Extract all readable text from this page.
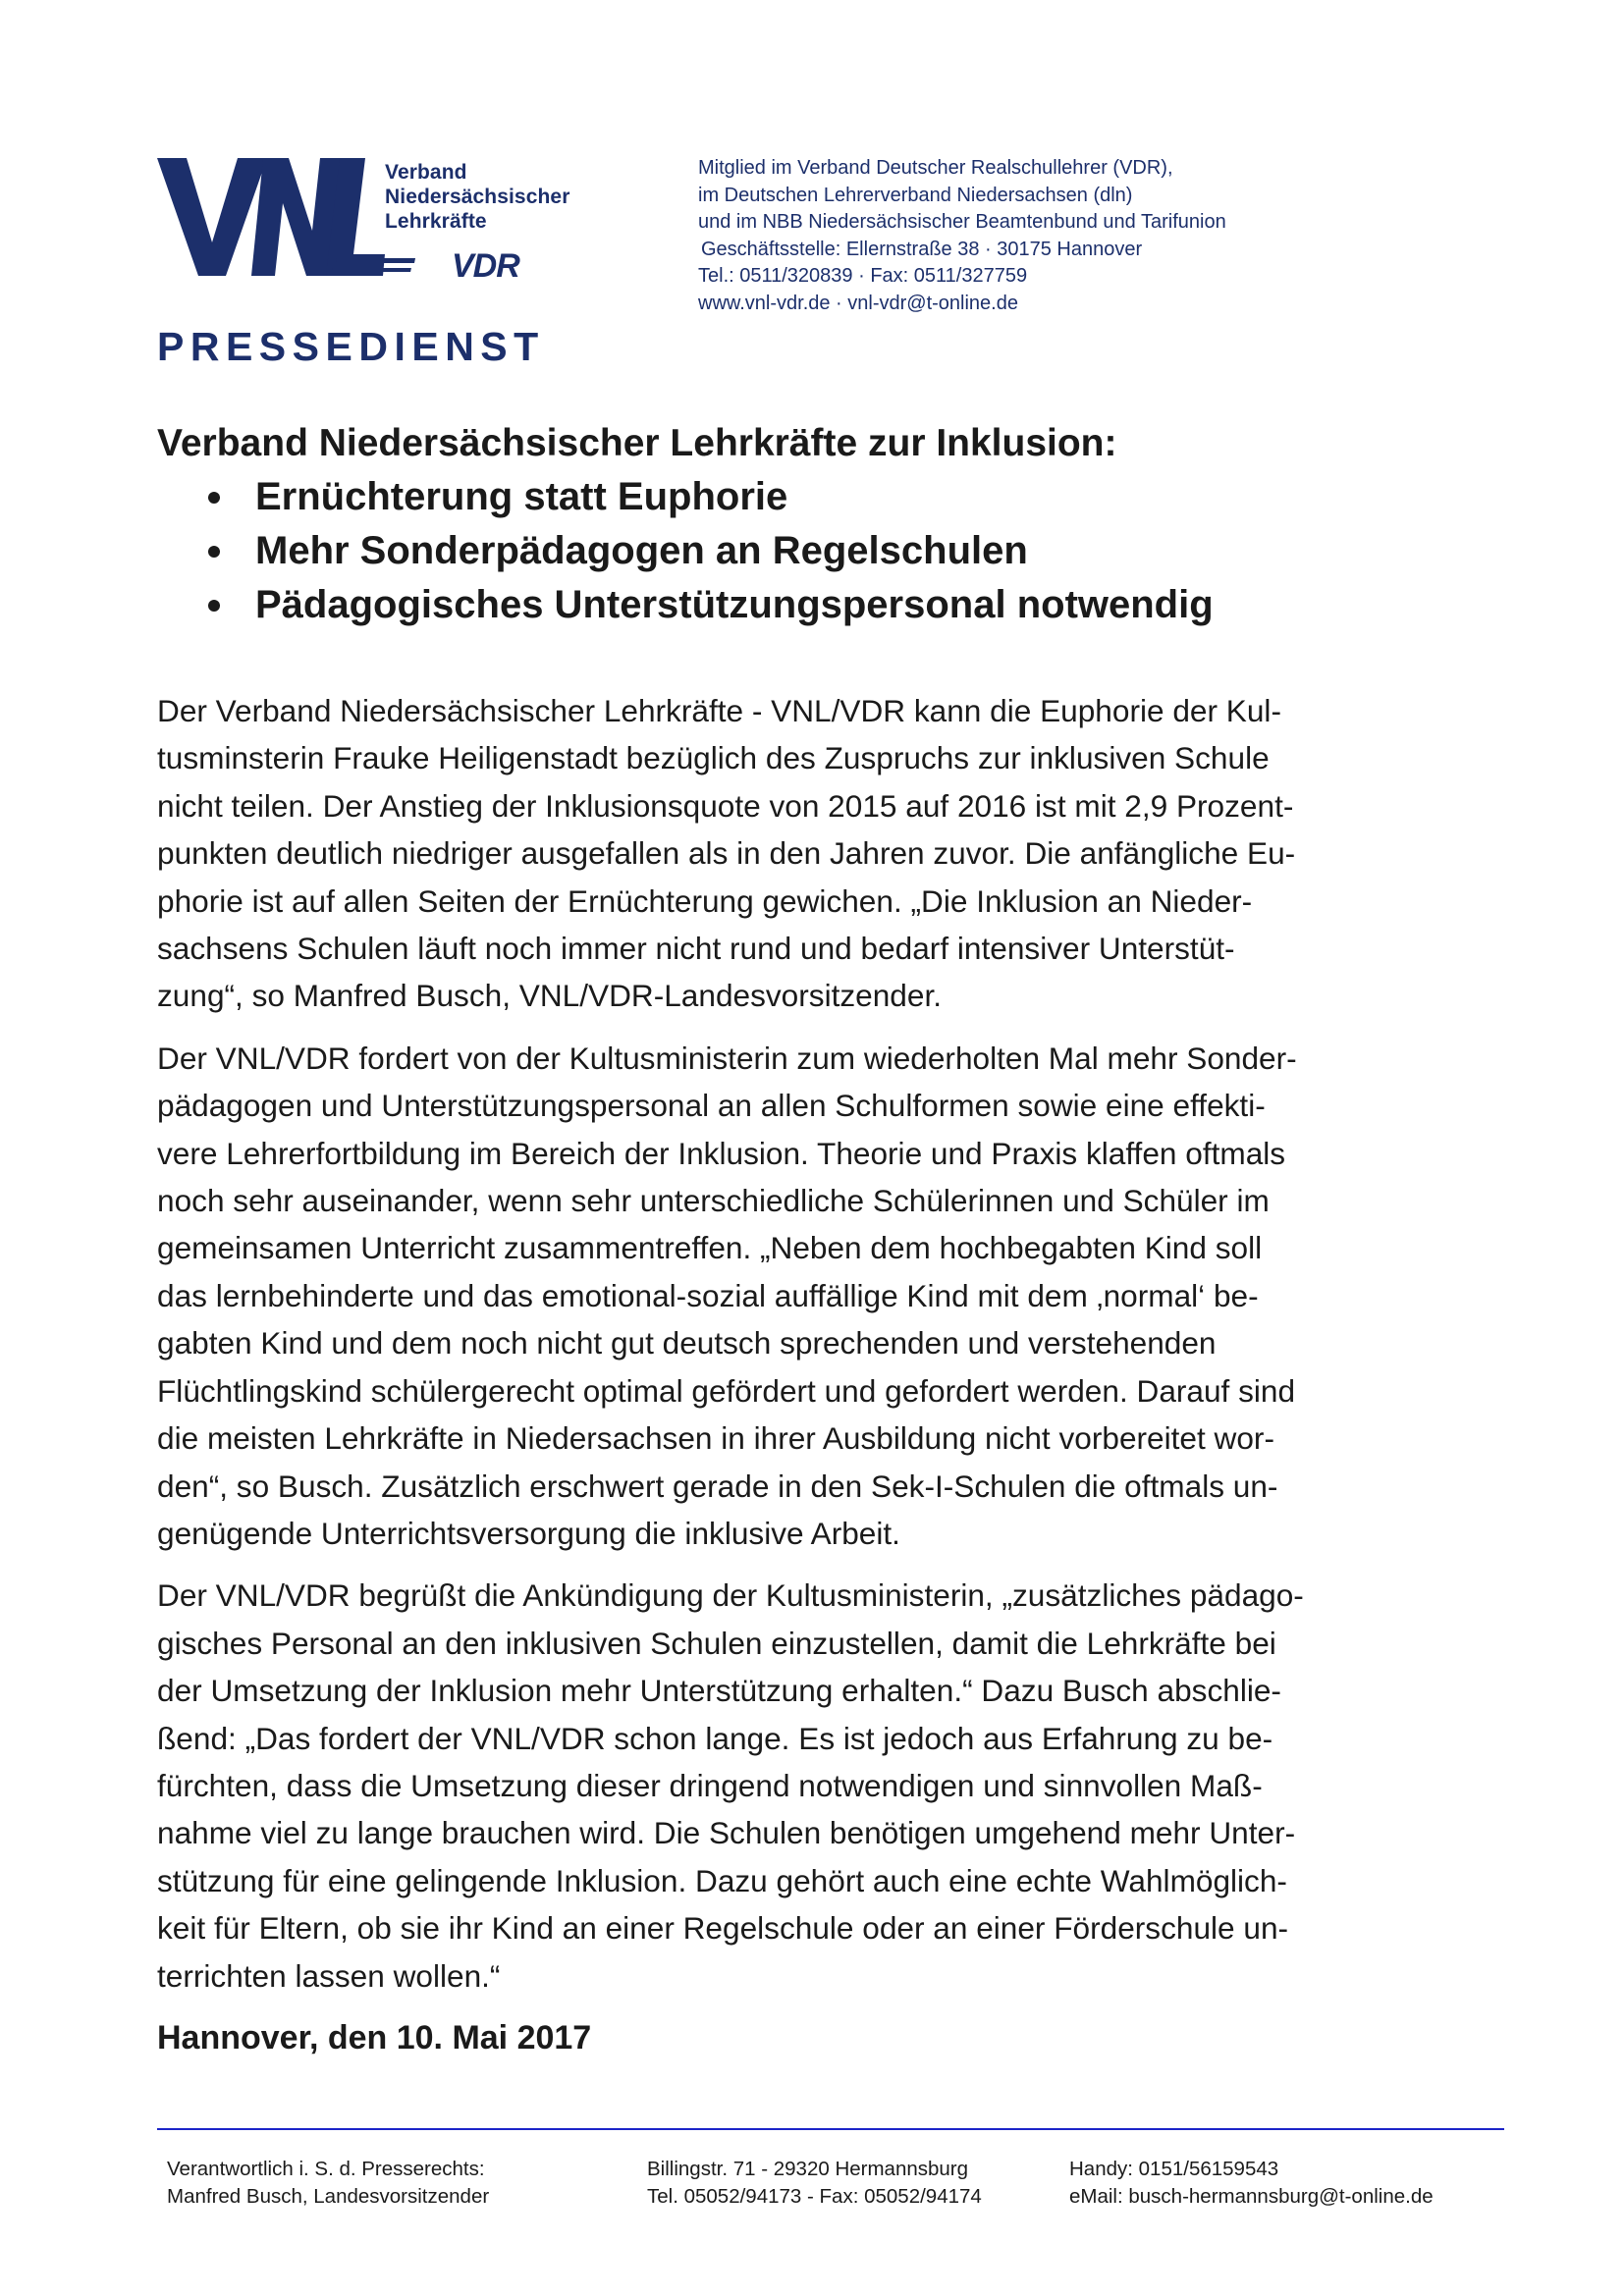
VDR
Verband
Niedersächsischer
Lehrkräfte
PRESSEDIENST
Mitglied im Verband Deutscher Realschullehrer (VDR),
im Deutschen Lehrerverband Niedersachsen (dln)
und im NBB Niedersächsischer Beamtenbund und Tarifunion
Geschäftsstelle: Ellernstraße 38 · 30175 Hannover
Tel.: 0511/320839 · Fax: 0511/327759
www.vnl-vdr.de · vnl-vdr@t-online.de
Verband Niedersächsischer Lehrkräfte zur Inklusion:
Ernüchterung statt Euphorie
Mehr Sonderpädagogen an Regelschulen
Pädagogisches Unterstützungspersonal notwendig
Der Verband Niedersächsischer Lehrkräfte - VNL/VDR kann die Euphorie der Kul-
tusminsterin Frauke Heiligenstadt bezüglich des Zuspruchs zur inklusiven Schule
nicht teilen. Der Anstieg der Inklusionsquote von 2015 auf 2016 ist mit 2,9 Prozent-
punkten deutlich niedriger ausgefallen als in den Jahren zuvor. Die anfängliche Eu-
phorie ist auf allen Seiten der Ernüchterung gewichen. „Die Inklusion an Nieder-
sachsens Schulen läuft noch immer nicht rund und bedarf intensiver Unterstüt-
zung“, so Manfred Busch, VNL/VDR-Landesvorsitzender.
Der VNL/VDR fordert von der Kultusministerin zum wiederholten Mal mehr Sonder-
pädagogen und Unterstützungspersonal an allen Schulformen sowie eine effekti-
vere Lehrerfortbildung im Bereich der Inklusion. Theorie und Praxis klaffen oftmals
noch sehr auseinander, wenn sehr unterschiedliche Schülerinnen und Schüler im
gemeinsamen Unterricht zusammentreffen. „Neben dem hochbegabten Kind soll
das lernbehinderte und das emotional-sozial auffällige Kind mit dem ‚normal‘ be-
gabten Kind und dem noch nicht gut deutsch sprechenden und verstehenden
Flüchtlingskind schülergerecht optimal gefördert und gefordert werden. Darauf sind
die meisten Lehrkräfte in Niedersachsen in ihrer Ausbildung nicht vorbereitet wor-
den“, so Busch. Zusätzlich erschwert gerade in den Sek-I-Schulen die oftmals un-
genügende Unterrichtsversorgung die inklusive Arbeit.
Der VNL/VDR begrüßt die Ankündigung der Kultusministerin, „zusätzliches pädago-
gisches Personal an den inklusiven Schulen einzustellen, damit die Lehrkräfte bei
der Umsetzung der Inklusion mehr Unterstützung erhalten.“ Dazu Busch abschlie-
ßend: „Das fordert der VNL/VDR schon lange. Es ist jedoch aus Erfahrung zu be-
fürchten, dass die Umsetzung dieser dringend notwendigen und sinnvollen Maß-
nahme viel zu lange brauchen wird. Die Schulen benötigen umgehend mehr Unter-
stützung für eine gelingende Inklusion. Dazu gehört auch eine echte Wahlmöglich-
keit für Eltern, ob sie ihr Kind an einer Regelschule oder an einer Förderschule un-
terrichten lassen wollen.“
Hannover, den 10. Mai 2017
Verantwortlich i. S. d. Presserechts:
Manfred Busch, Landesvorsitzender
Billingstr. 71 - 29320 Hermannsburg
Tel. 05052/94173 - Fax: 05052/94174
Handy: 0151/56159543
eMail: busch-hermannsburg@t-online.de
